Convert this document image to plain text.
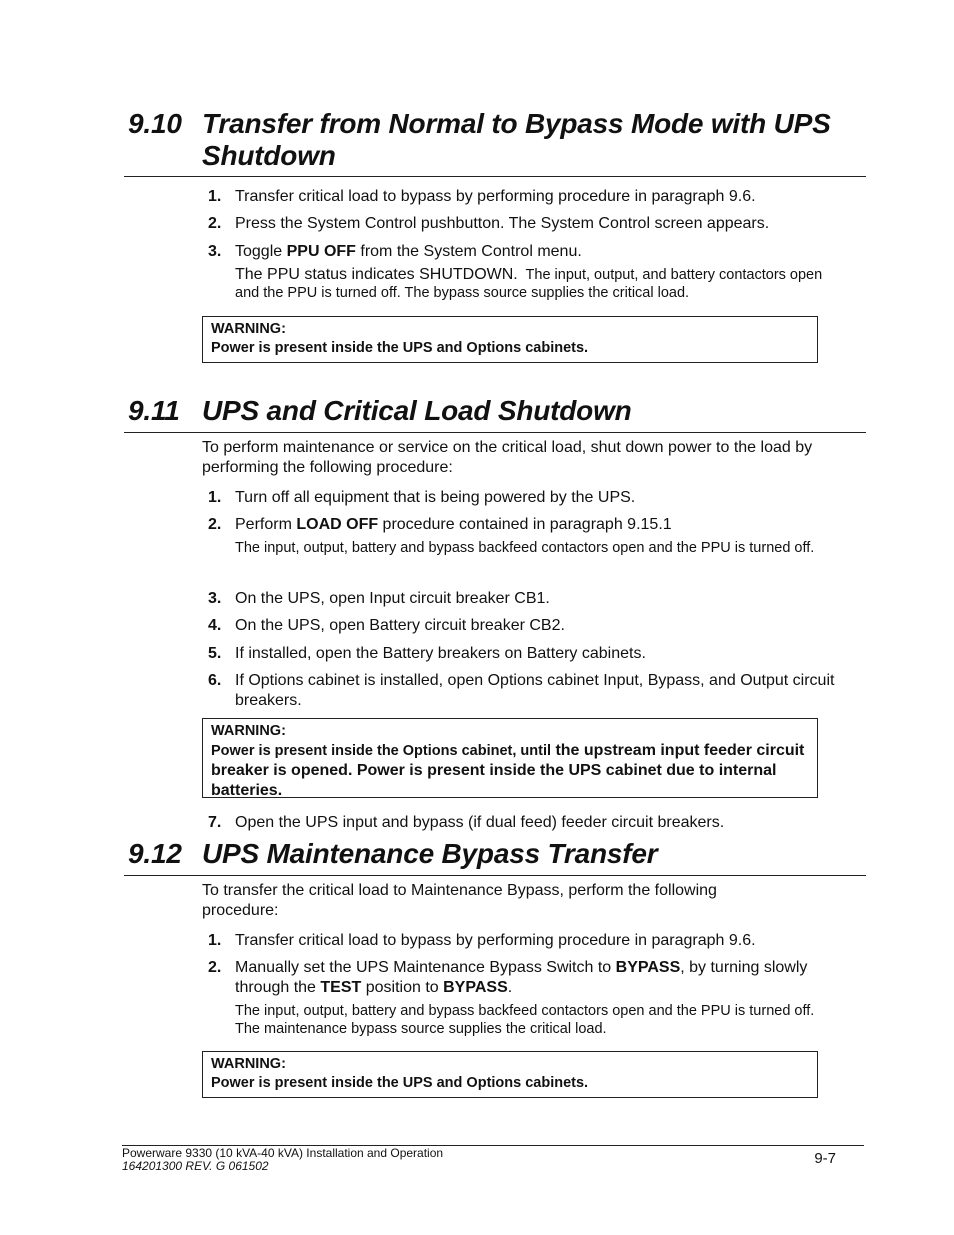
9.10 Transfer from Normal to Bypass Mode with UPS Shutdown
1. Transfer critical load to bypass by performing procedure in paragraph 9.6.
2. Press the System Control pushbutton. The System Control screen appears.
3. Toggle PPU OFF from the System Control menu.
The PPU status indicates SHUTDOWN. The input, output, and battery contactors open and the PPU is turned off. The bypass source supplies the critical load.
WARNING:
Power is present inside the UPS and Options cabinets.
9.11 UPS and Critical Load Shutdown
To perform maintenance or service on the critical load, shut down power to the load by performing the following procedure:
1. Turn off all equipment that is being powered by the UPS.
2. Perform LOAD OFF procedure contained in paragraph 9.15.1
The input, output, battery and bypass backfeed contactors open and the PPU is turned off.
3. On the UPS, open Input circuit breaker CB1.
4. On the UPS, open Battery circuit breaker CB2.
5. If installed, open the Battery breakers on Battery cabinets.
6. If Options cabinet is installed, open Options cabinet Input, Bypass, and Output circuit breakers.
WARNING:
Power is present inside the Options cabinet, until the upstream input feeder circuit breaker is opened. Power is present inside the UPS cabinet due to internal batteries.
7. Open the UPS input and bypass (if dual feed) feeder circuit breakers.
9.12 UPS Maintenance Bypass Transfer
To transfer the critical load to Maintenance Bypass, perform the following procedure:
1. Transfer critical load to bypass by performing procedure in paragraph 9.6.
2. Manually set the UPS Maintenance Bypass Switch to BYPASS, by turning slowly through the TEST position to BYPASS.
The input, output, battery and bypass backfeed contactors open and the PPU is turned off. The maintenance bypass source supplies the critical load.
WARNING:
Power is present inside the UPS and Options cabinets.
Powerware 9330 (10 kVA-40 kVA) Installation and Operation
164201300 REV. G 061502	9-7
